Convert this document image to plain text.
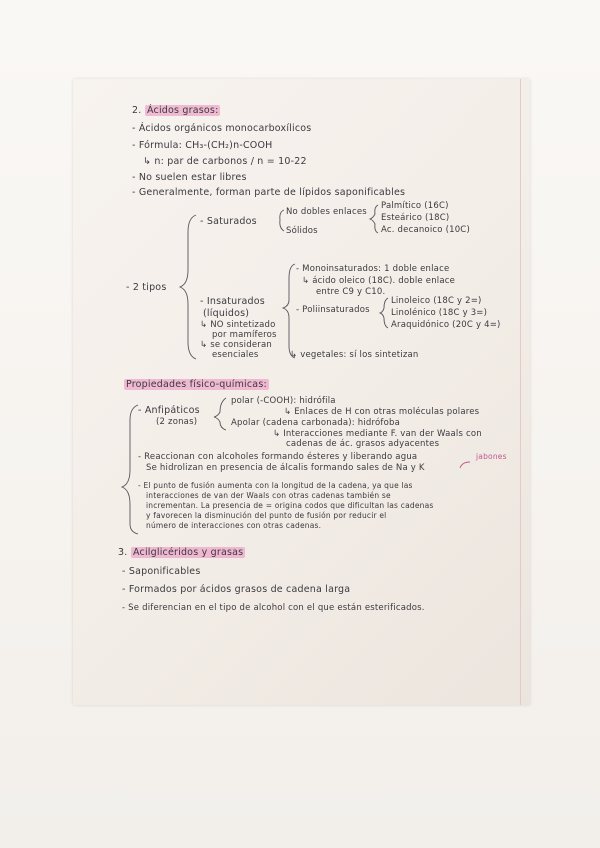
2. Ácidos grasos:
- Ácidos orgánicos monocarboxílicos
- Fórmula: CH₃-(CH₂)n-COOH
↳ n: par de carbonos / n = 10-22
- No suelen estar libres
- Generalmente, forman parte de lípidos saponificables
- 2 tipos
- Saturados
No dobles enlaces
Sólidos
Palmítico (16C)
Esteárico (18C)
Ac. decanoico (10C)
- Monoinsaturados: 1 doble enlace
↳ ácido oleico (18C). doble enlace
entre C9 y C10.
- Insaturados
(líquidos)
↳ NO sintetizado
por mamíferos
↳ se consideran
esenciales
- Poliinsaturados
Linoleico (18C y 2=)
Linolénico (18C y 3=)
Araquidónico (20C y 4=)
↳ vegetales: sí los sintetizan
Propiedades físico-químicas:
- Anfipáticos
(2 zonas)
polar (-COOH): hidrófila
↳ Enlaces de H con otras moléculas polares
Apolar (cadena carbonada): hidrófoba
↳ Interacciones mediante F. van der Waals con
cadenas de ác. grasos adyacentes
- Reaccionan con alcoholes formando ésteres y liberando agua
Se hidrolizan en presencia de álcalis formando sales de Na y K
jabones
- El punto de fusión aumenta con la longitud de la cadena, ya que las
interacciones de van der Waals con otras cadenas también se
incrementan. La presencia de = origina codos que dificultan las cadenas
y favorecen la disminución del punto de fusión por reducir el
número de interacciones con otras cadenas.
3. Acilglicéridos y grasas
- Saponificables
- Formados por ácidos grasos de cadena larga
- Se diferencian en el tipo de alcohol con el que están esterificados.
